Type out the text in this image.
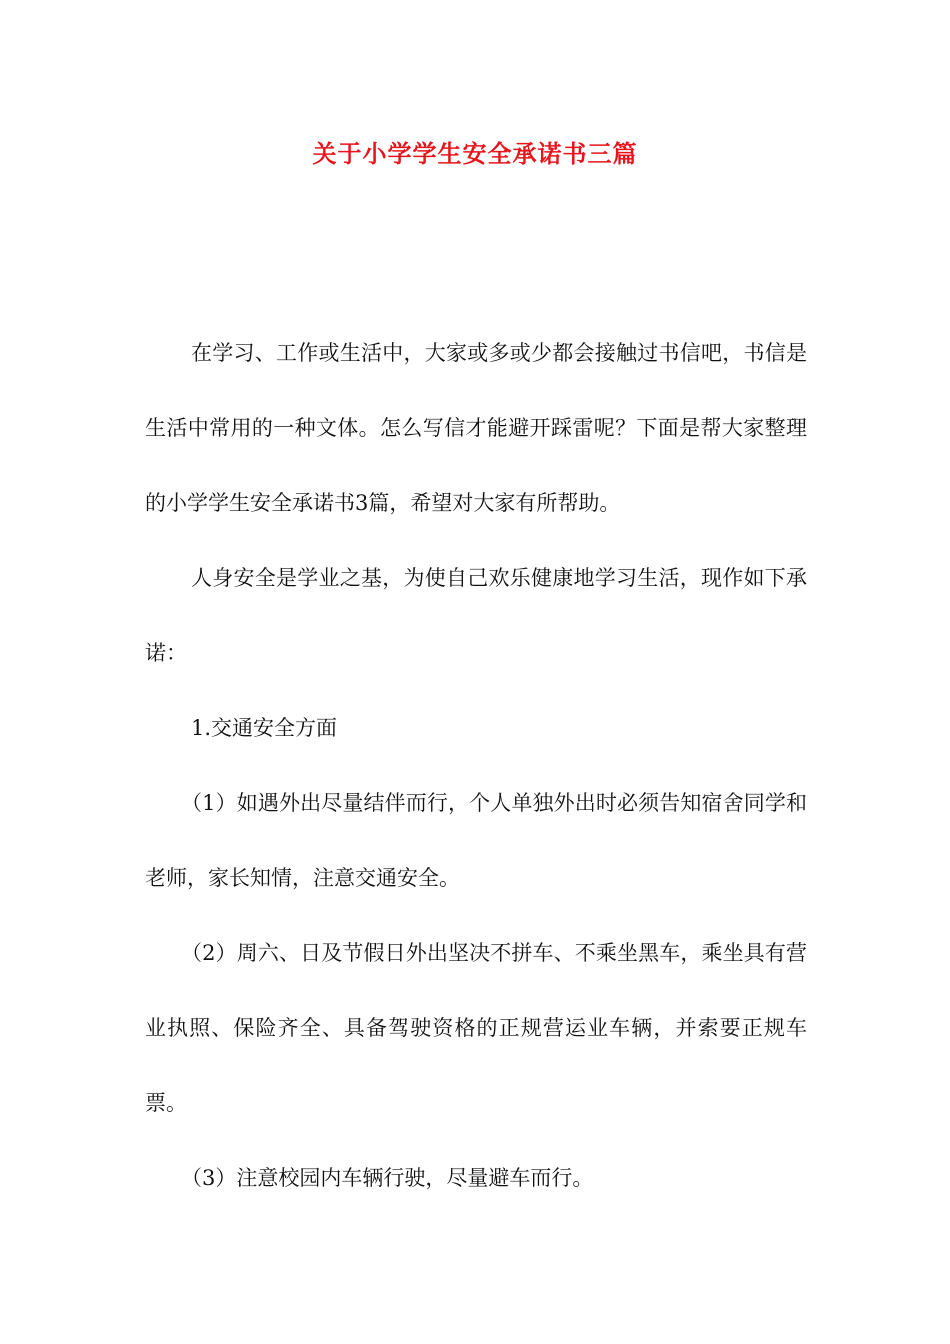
关于小学学生安全承诺书三篇

在学习、工作或生活中，大家或多或少都会接触过书信吧，书信是生活中常用的一种文体。怎么写信才能避开踩雷呢？下面是帮大家整理的小学学生安全承诺书3篇，希望对大家有所帮助。

人身安全是学业之基，为使自己欢乐健康地学习生活，现作如下承诺：

1.交通安全方面

（1）如遇外出尽量结伴而行，个人单独外出时必须告知宿舍同学和老师，家长知情，注意交通安全。

（2）周六、日及节假日外出坚决不拼车、不乘坐黑车，乘坐具有营业执照、保险齐全、具备驾驶资格的正规营运业车辆，并索要正规车票。

（3）注意校园内车辆行驶，尽量避车而行。
